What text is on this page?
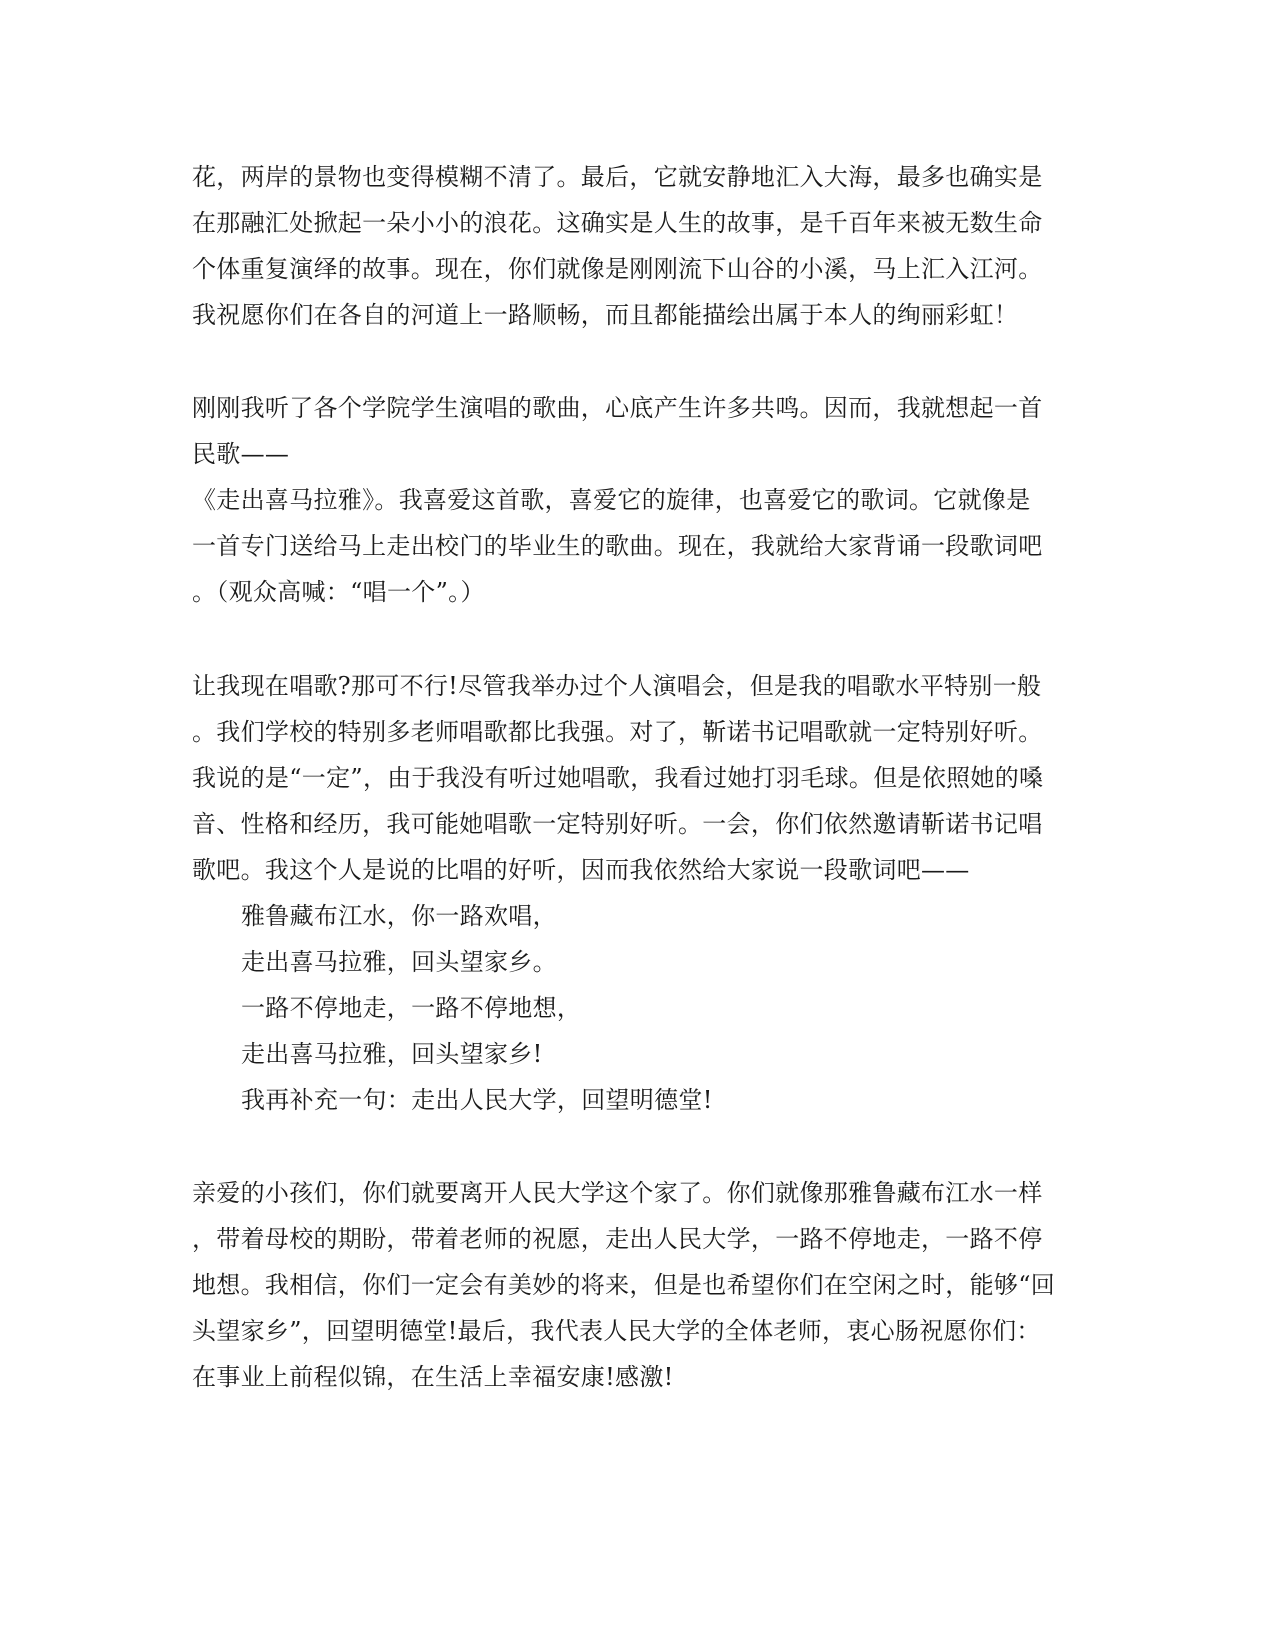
花，两岸的景物也变得模糊不清了。最后，它就安静地汇入大海，最多也确实是
在那融汇处掀起一朵小小的浪花。这确实是人生的故事，是千百年来被无数生命
个体重复演绎的故事。现在，你们就像是刚刚流下山谷的小溪，马上汇入江河。
我祝愿你们在各自的河道上一路顺畅，而且都能描绘出属于本人的绚丽彩虹！
刚刚我听了各个学院学生演唱的歌曲，心底产生许多共鸣。因而，我就想起一首
民歌——
《走出喜马拉雅》。我喜爱这首歌，喜爱它的旋律，也喜爱它的歌词。它就像是
一首专门送给马上走出校门的毕业生的歌曲。现在，我就给大家背诵一段歌词吧
。（观众高喊：“唱一个”。）
让我现在唱歌?那可不行!尽管我举办过个人演唱会，但是我的唱歌水平特别一般
。我们学校的特别多老师唱歌都比我强。对了，靳诺书记唱歌就一定特别好听。
我说的是“一定”，由于我没有听过她唱歌，我看过她打羽毛球。但是依照她的嗓
音、性格和经历，我可能她唱歌一定特别好听。一会，你们依然邀请靳诺书记唱
歌吧。我这个人是说的比唱的好听，因而我依然给大家说一段歌词吧——
雅鲁藏布江水，你一路欢唱，
走出喜马拉雅，回头望家乡。
一路不停地走，一路不停地想，
走出喜马拉雅，回头望家乡!
我再补充一句：走出人民大学，回望明德堂!
亲爱的小孩们，你们就要离开人民大学这个家了。你们就像那雅鲁藏布江水一样
，带着母校的期盼，带着老师的祝愿，走出人民大学，一路不停地走，一路不停
地想。我相信，你们一定会有美妙的将来，但是也希望你们在空闲之时，能够“回
头望家乡”，回望明德堂!最后，我代表人民大学的全体老师，衷心肠祝愿你们：
在事业上前程似锦，在生活上幸福安康!感激!
